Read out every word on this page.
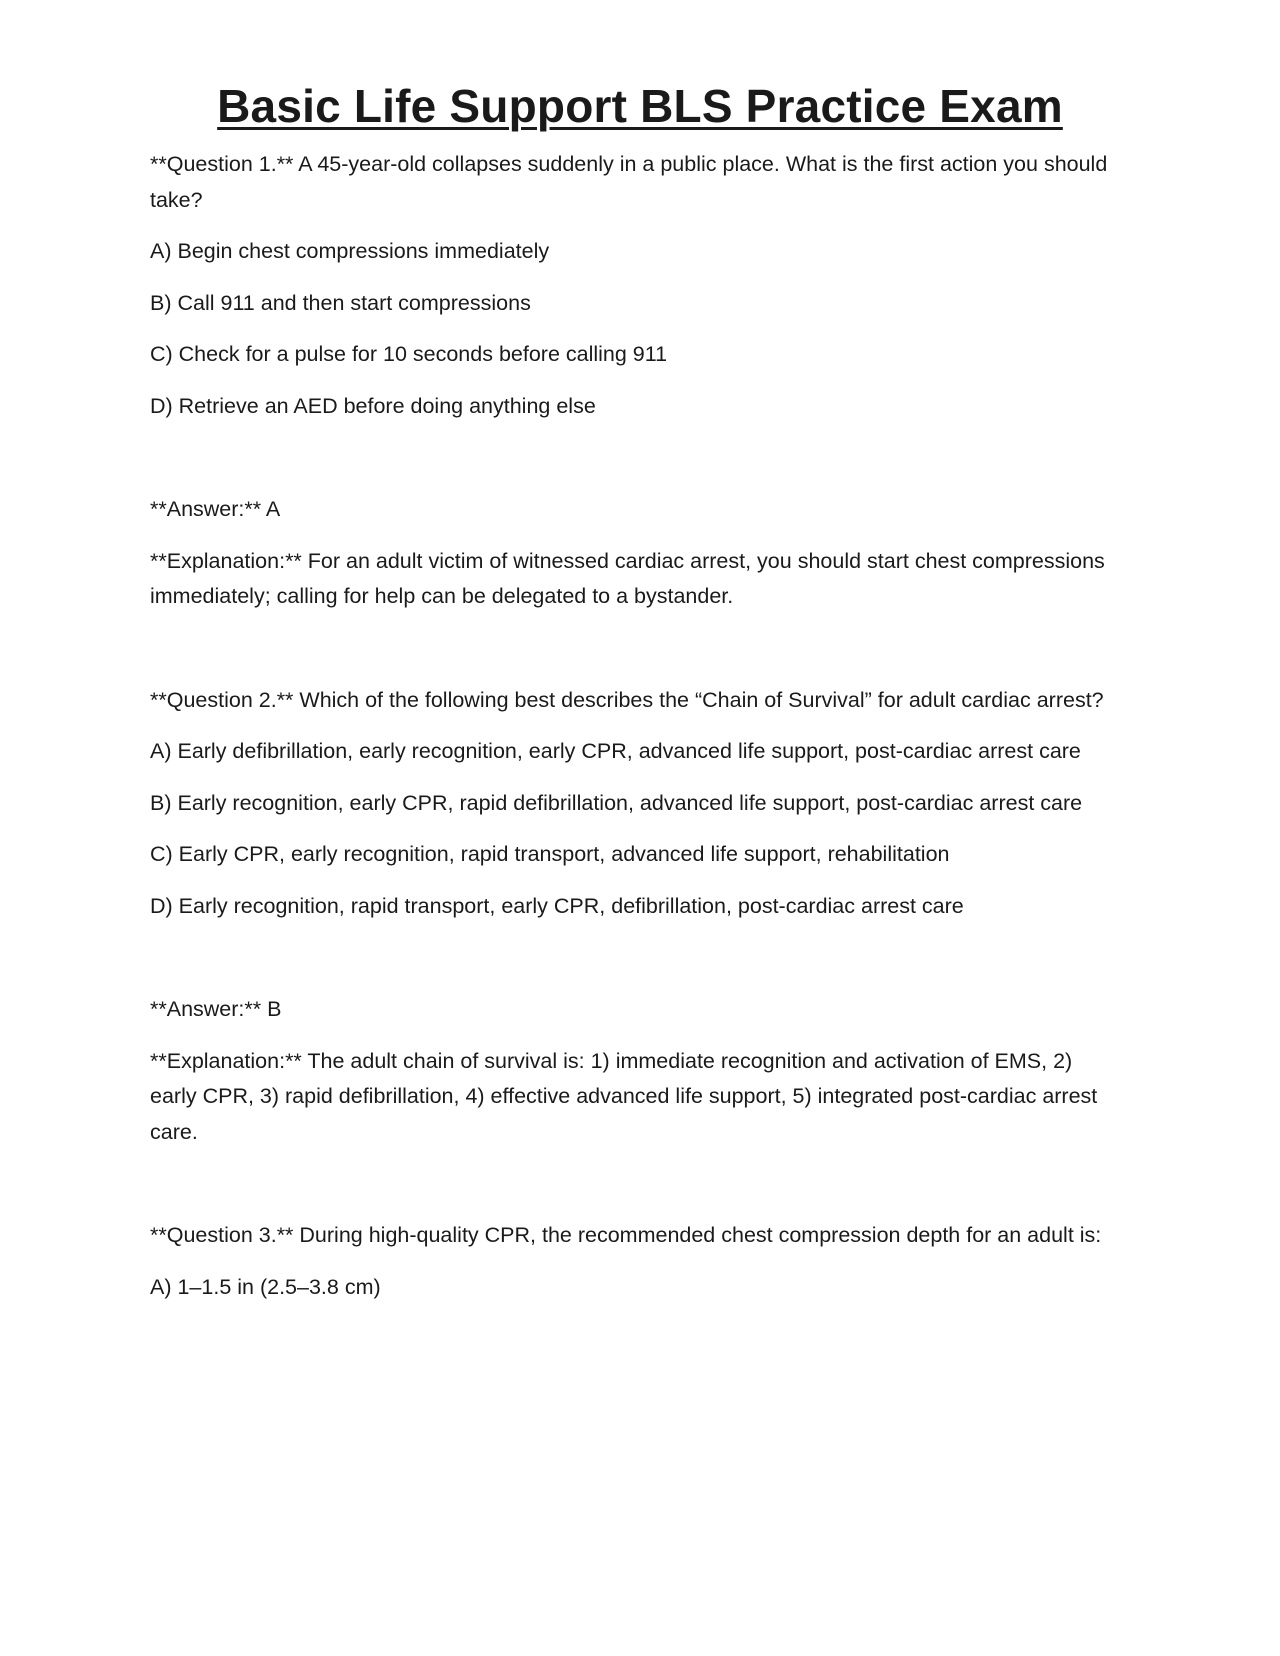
Basic Life Support BLS Practice Exam

**Question 1.** A 45-year-old collapses suddenly in a public place. What is the first action you should take?

A) Begin chest compressions immediately

B) Call 911 and then start compressions

C) Check for a pulse for 10 seconds before calling 911

D) Retrieve an AED before doing anything else

**Answer:** A

**Explanation:** For an adult victim of witnessed cardiac arrest, you should start chest compressions immediately; calling for help can be delegated to a bystander.

**Question 2.** Which of the following best describes the “Chain of Survival” for adult cardiac arrest?

A) Early defibrillation, early recognition, early CPR, advanced life support, post-cardiac arrest care

B) Early recognition, early CPR, rapid defibrillation, advanced life support, post-cardiac arrest care

C) Early CPR, early recognition, rapid transport, advanced life support, rehabilitation

D) Early recognition, rapid transport, early CPR, defibrillation, post-cardiac arrest care

**Answer:** B

**Explanation:** The adult chain of survival is: 1) immediate recognition and activation of EMS, 2) early CPR, 3) rapid defibrillation, 4) effective advanced life support, 5) integrated post-cardiac arrest care.

**Question 3.** During high-quality CPR, the recommended chest compression depth for an adult is:

A) 1–1.5 in (2.5–3.8 cm)
